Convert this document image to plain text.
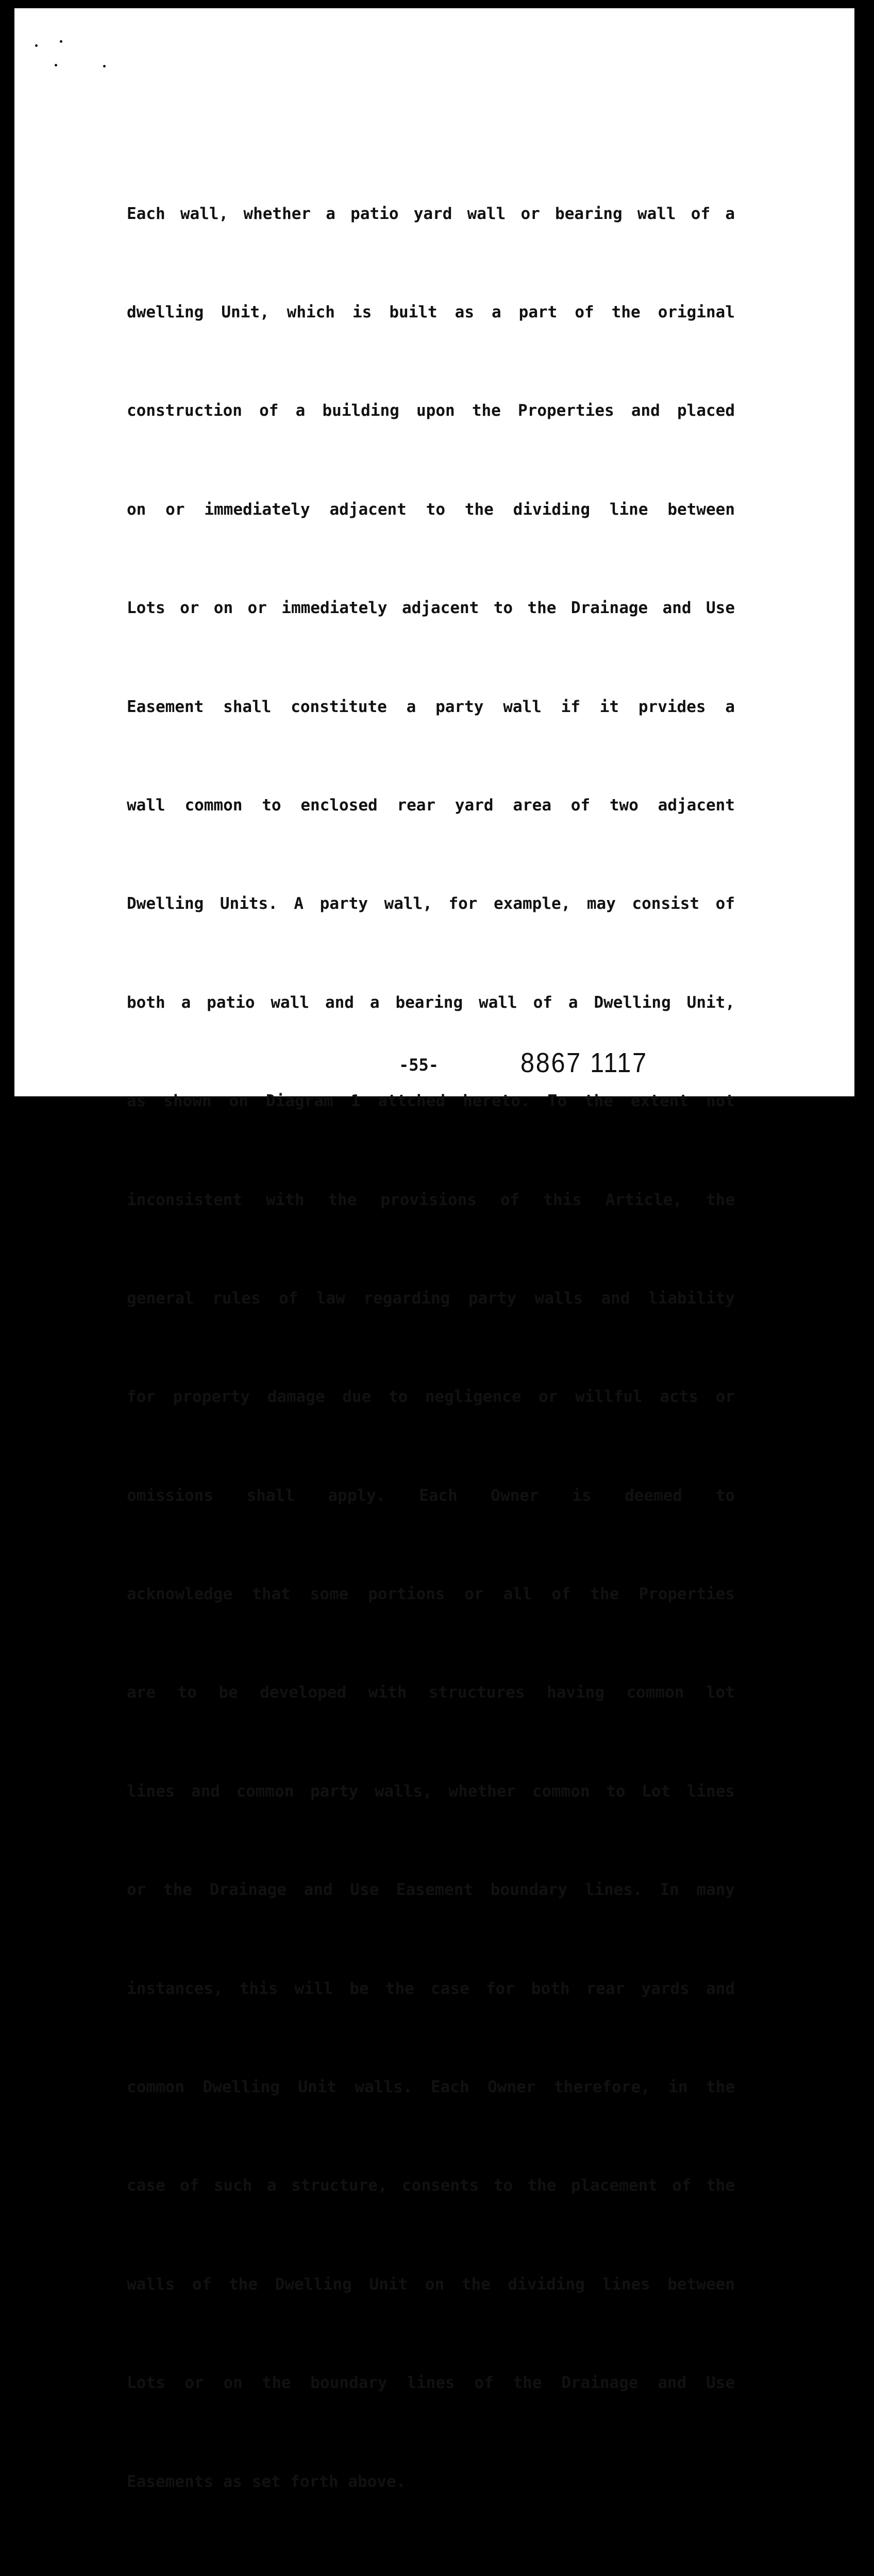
Each wall, whether a patio yard wall or bearing wall of a

dwelling Unit, which is built as a part of the original

construction of a building upon the Properties and placed

on or immediately adjacent to the dividing line between

Lots or on or immediately adjacent to the Drainage and Use

Easement shall constitute a party wall if it prvides a

wall common to enclosed rear yard area of two adjacent

Dwelling Units. A party wall, for example, may consist of

both a patio wall and a bearing wall of a Dwelling Unit,

as shown on Diagram 1 attched hereto. To the extent not

inconsistent with the provisions of this Article, the

general rules of law regarding party walls and liability

for property damage due to negligence or willful acts or

omissions shall apply. Each Owner is deemed to

acknowledge that some portions or all of the Properties

are to be developed with structures having common lot

lines and common party walls, whether common to Lot lines

or the Drainage and Use Easement boundary lines. In many

instances, this will be the case for both rear yards and

common Dwelling Unit walls. Each Owner therefore, in the

case of such a structure, consents to the placement of the

walls of the Dwelling Unit on the dividing lines between

Lots or on the boundary lines of the Drainage and Use

Easements as set forth above.

-55-	8867 1117
